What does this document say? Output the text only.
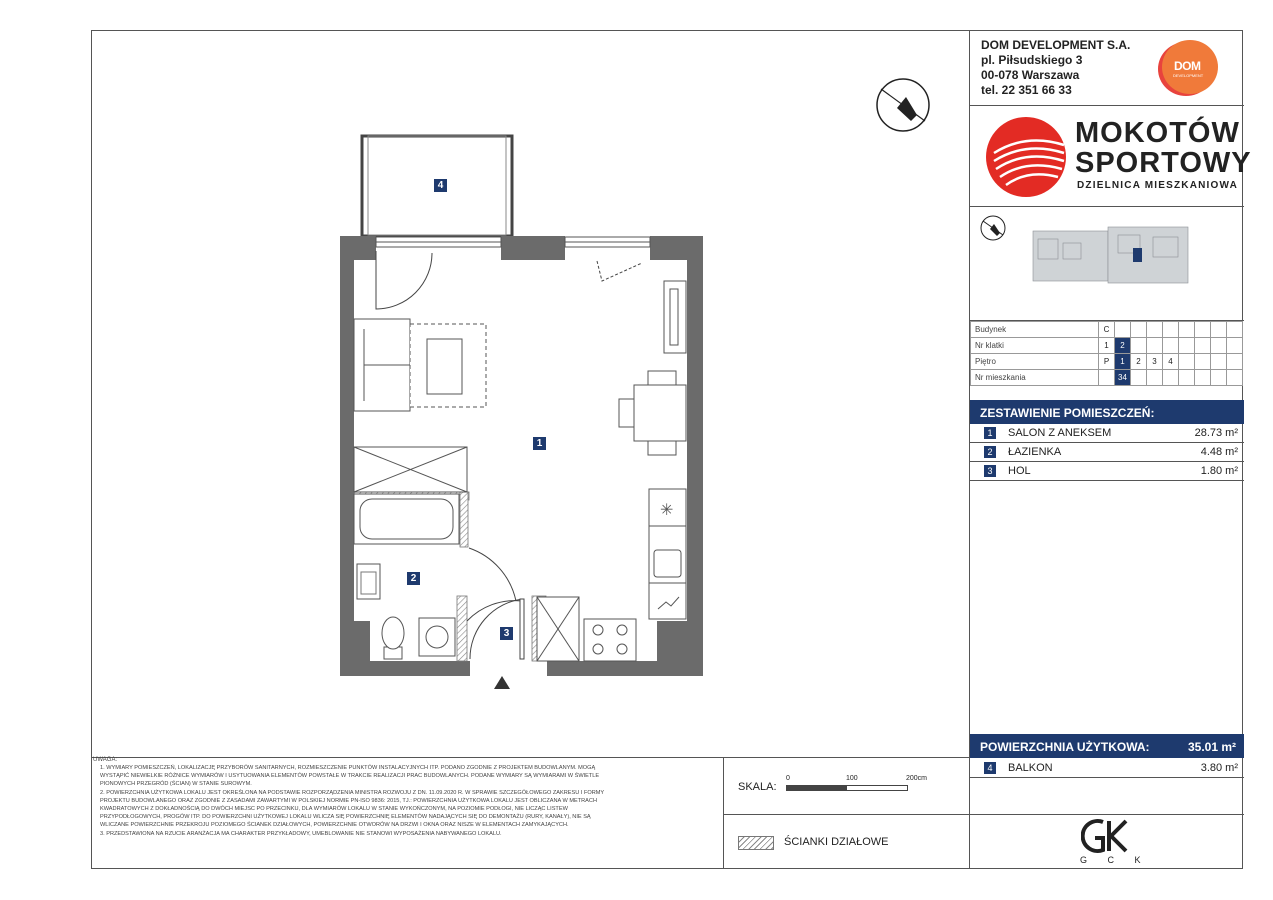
✳
1
2
3
4
DOM DEVELOPMENT S.A.
pl. Piłsudskiego 3
00-078 Warszawa
tel. 22 351 66 33
DOM
DEVELOPMENT
MOKOTÓW
SPORTOWY
DZIELNICA MIESZKANIOWA
Budynek	C								
Nr klatki	1	2							
Piętro	P	1	2	3	4				
Nr mieszkania		34							
ZESTAWIENIE POMIESZCZEŃ:
1	SALON Z ANEKSEM	28.73 m²
2	ŁAZIENKA	4.48 m²
3	HOL	1.80 m²
POWIERZCHNIA UŻYTKOWA:	35.01 m²
4	BALKON	3.80 m²
UWAGA:
1. WYMIARY POMIESZCZEŃ, LOKALIZACJĘ PRZYBORÓW SANITARNYCH, ROZMIESZCZENIE PUNKTÓW INSTALACYJNYCH ITP. PODANO ZGODNIE Z PROJEKTEM BUDOWLANYM. MOGĄ
WYSTĄPIĆ NIEWIELKIE RÓŻNICE WYMIARÓW I USYTUOWANIA ELEMENTÓW POWSTAŁE W TRAKCIE REALIZACJI PRAC BUDOWLANYCH. PODANE WYMIARY SĄ WYMIARAMI W ŚWIETLE
PIONOWYCH PRZEGRÓD (ŚCIAN) W STANIE SUROWYM.
2. POWIERZCHNIA UŻYTKOWA LOKALU JEST OKREŚLONA NA PODSTAWIE ROZPORZĄDZENIA MINISTRA ROZWOJU Z DN. 11.09.2020 R. W SPRAWIE SZCZEGÓŁOWEGO ZAKRESU I FORMY
PROJEKTU BUDOWLANEGO ORAZ ZGODNIE Z ZASADAMI ZAWARTYMI W POLSKIEJ NORMIE PN-ISO 9836: 2015, TJ.: POWIERZCHNIA UŻYTKOWA LOKALU JEST OBLICZANA W METRACH
KWADRATOWYCH Z DOKŁADNOŚCIĄ DO DWÓCH MIEJSC PO PRZECINKU, DLA WYMIARÓW LOKALU W STANIE WYKOŃCZONYM, NA POZIOMIE PODŁOGI, NIE LICZĄC LISTEW
PRZYPODŁOGOWYCH, PROGÓW ITP. DO POWIERZCHNI UŻYTKOWEJ LOKALU WLICZA SIĘ POWIERZCHNIĘ ELEMENTÓW NADAJĄCYCH SIĘ DO DEMONTAŻU (RURY, KANAŁY), NIE SĄ
WLICZANE POWIERZCHNIE PRZEKROJU POZIOMEGO ŚCIANEK DZIAŁOWYCH, POWIERZCHNIE OTWORÓW NA DRZWI I OKNA ORAZ NISZE W ELEMENTACH ZAMYKAJĄCYCH.
3. PRZEDSTAWIONA NA RZUCIE ARANŻACJA MA CHARAKTER PRZYKŁADOWY, UMEBLOWANIE NIE STANOWI WYPOSAŻENIA NABYWANEGO LOKALU.
SKALA:
0	100	200cm
ŚCIANKI DZIAŁOWE
G C K
